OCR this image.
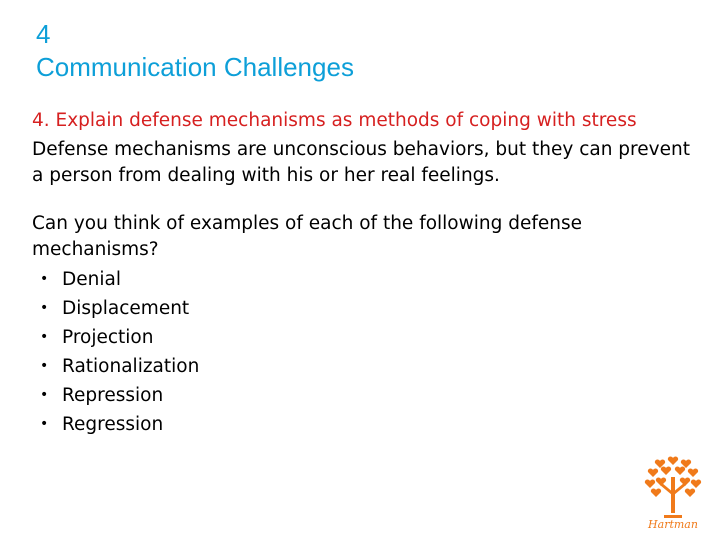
4
Communication Challenges

4. Explain defense mechanisms as methods of coping with stress

Defense mechanisms are unconscious behaviors, but they can prevent a person from dealing with his or her real feelings.

Can you think of examples of each of the following defense mechanisms?

• Denial
• Displacement
• Projection
• Rationalization
• Repression
• Regression
Hartman
